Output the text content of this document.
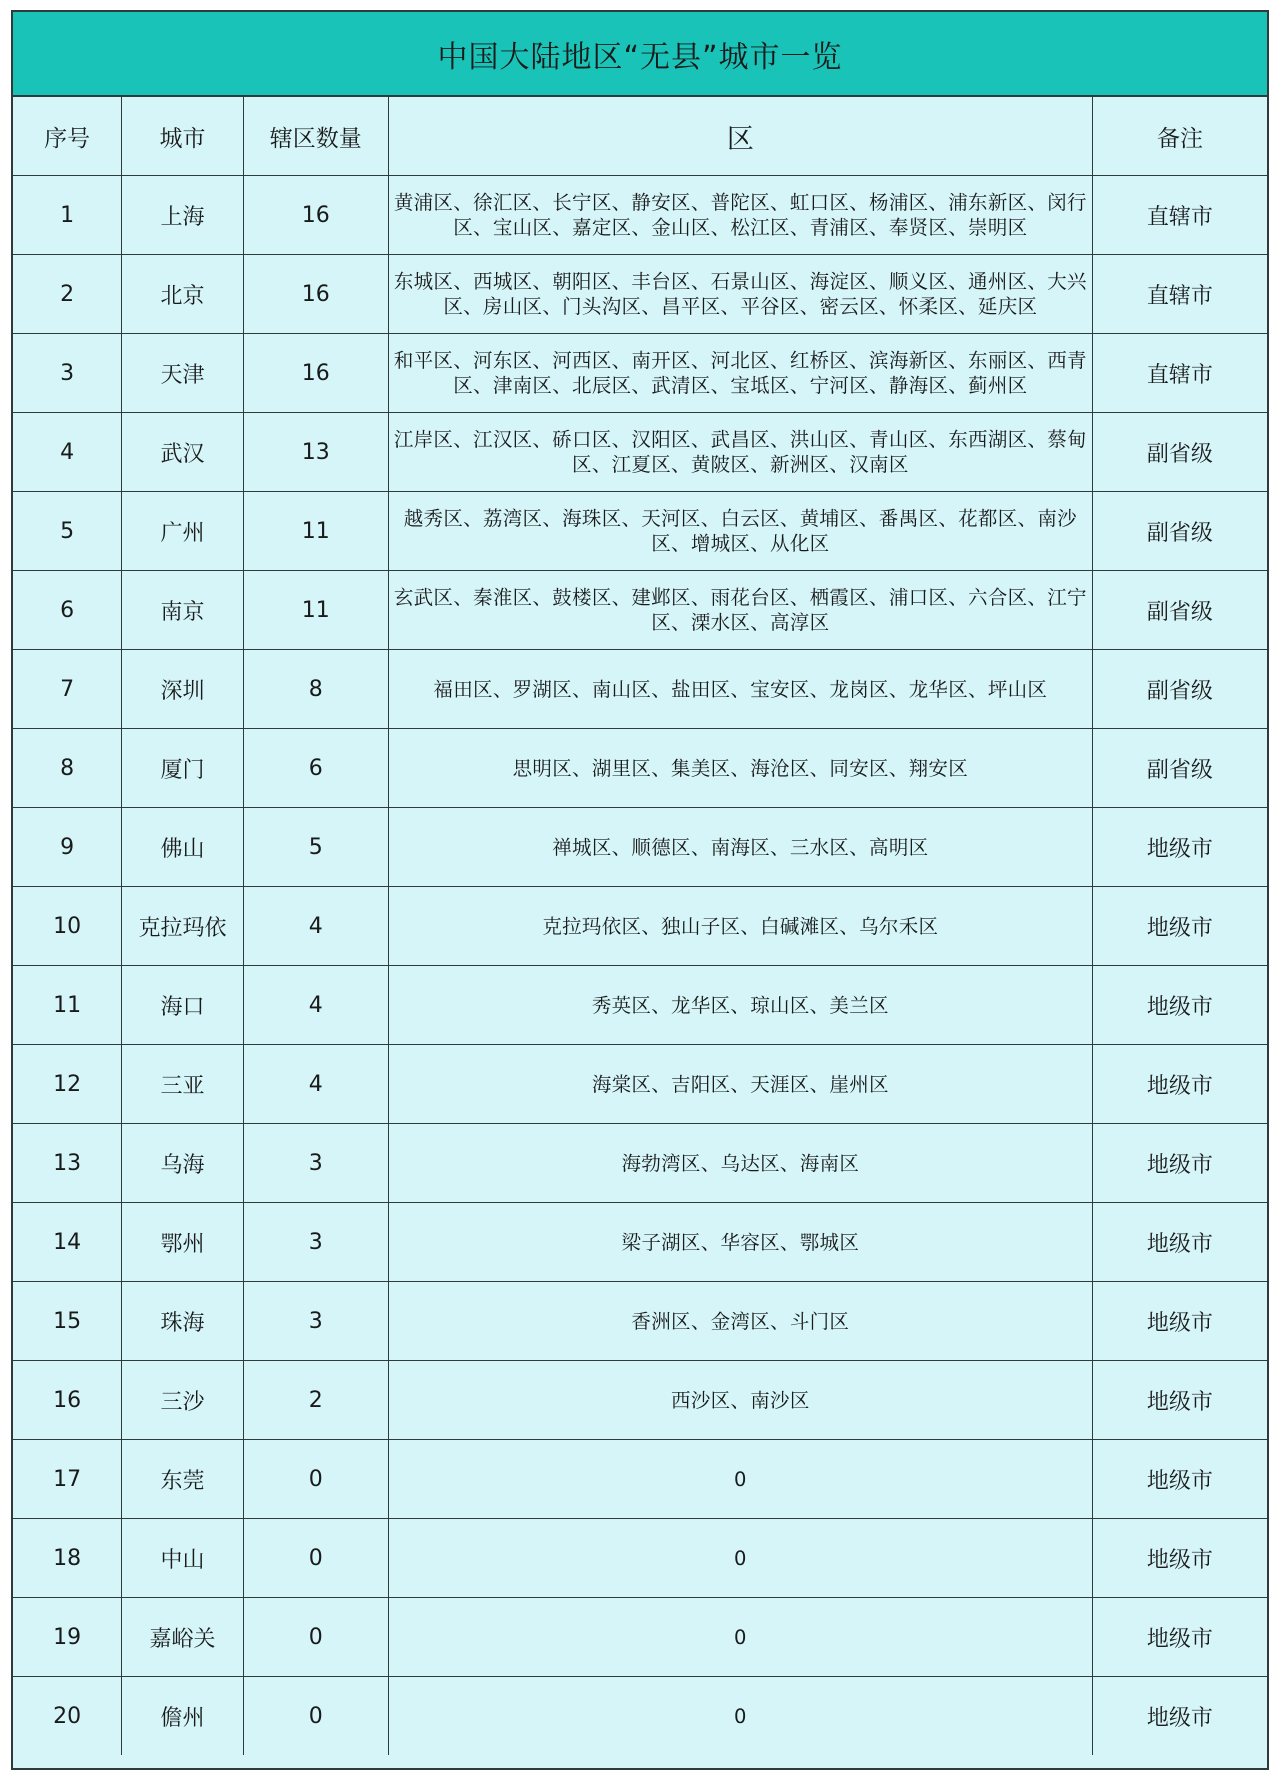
中国大陆地区“无县”城市一览
序号	城市	辖区数量	区	备注
1	上海	16	黄浦区、徐汇区、长宁区、静安区、普陀区、虹口区、杨浦区、浦东新区、闵行区、宝山区、嘉定区、金山区、松江区、青浦区、奉贤区、崇明区	直辖市
2	北京	16	东城区、西城区、朝阳区、丰台区、石景山区、海淀区、顺义区、通州区、大兴区、房山区、门头沟区、昌平区、平谷区、密云区、怀柔区、延庆区	直辖市
3	天津	16	和平区、河东区、河西区、南开区、河北区、红桥区、滨海新区、东丽区、西青区、津南区、北辰区、武清区、宝坻区、宁河区、静海区、蓟州区	直辖市
4	武汉	13	江岸区、江汉区、硚口区、汉阳区、武昌区、洪山区、青山区、东西湖区、蔡甸区、江夏区、黄陂区、新洲区、汉南区	副省级
5	广州	11	越秀区、荔湾区、海珠区、天河区、白云区、黄埔区、番禺区、花都区、南沙区、增城区、从化区	副省级
6	南京	11	玄武区、秦淮区、鼓楼区、建邺区、雨花台区、栖霞区、浦口区、六合区、江宁区、溧水区、高淳区	副省级
7	深圳	8	福田区、罗湖区、南山区、盐田区、宝安区、龙岗区、龙华区、坪山区	副省级
8	厦门	6	思明区、湖里区、集美区、海沧区、同安区、翔安区	副省级
9	佛山	5	禅城区、顺德区、南海区、三水区、高明区	地级市
10	克拉玛依	4	克拉玛依区、独山子区、白碱滩区、乌尔禾区	地级市
11	海口	4	秀英区、龙华区、琼山区、美兰区	地级市
12	三亚	4	海棠区、吉阳区、天涯区、崖州区	地级市
13	乌海	3	海勃湾区、乌达区、海南区	地级市
14	鄂州	3	梁子湖区、华容区、鄂城区	地级市
15	珠海	3	香洲区、金湾区、斗门区	地级市
16	三沙	2	西沙区、南沙区	地级市
17	东莞	0	0	地级市
18	中山	0	0	地级市
19	嘉峪关	0	0	地级市
20	儋州	0	0	地级市
